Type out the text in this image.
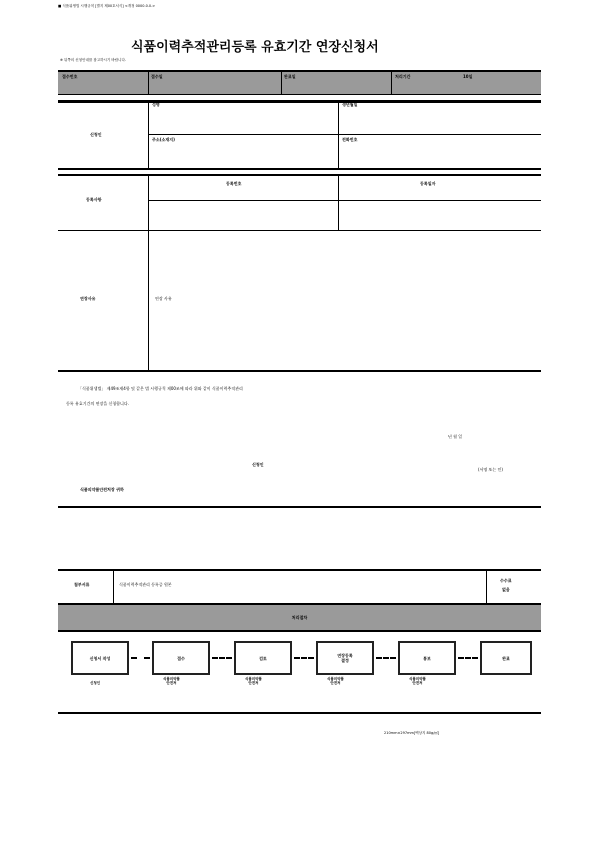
■ 식품위생법 시행규칙 [별지 제00호서식] <개정 0000.0.0.>
식품이력추적관리등록 유효기간 연장신청서
※ 뒤쪽의 신청안내를 참고하시기 바랍니다.
접수번호	접수일	완료일	처리기간	10일
신청인
성명	생년월일
주소(소재지)	전화번호
등록사항
등록번호	등록일자
연장사유	연장 사유
「식품위생법」 제49조제4항 및 같은 법 시행규칙 제00조에 따라 위와 같이 식품이력추적관리
등록 유효기간의 연장을 신청합니다.
년 월 일
신청인
(서명 또는 인)
식품의약품안전처장 귀하
첨부서류	식품이력추적관리 등록증 원본
수수료
없음
처리절차
신청서 작성	접수	검토	연장등록
결정	통보	완료
신청인
식품의약품
안전처
식품의약품
안전처
식품의약품
안전처
식품의약품
안전처
210mm×297mm[백상지 80g/㎡]
